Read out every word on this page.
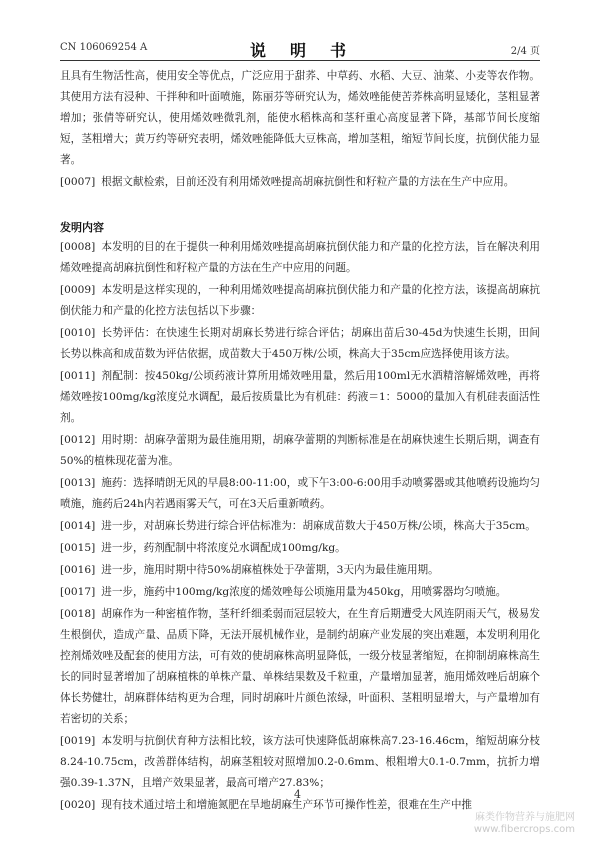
CN 106069254 A	说　明　书	2/4 页

且具有生物活性高，使用安全等优点，广泛应用于甜荞、中草药、水稻、大豆、油菜、小麦等农作物。其使用方法有浸种、干拌种和叶面喷施，陈丽芬等研究认为，烯效唑能使苦荞株高明显矮化，茎粗显著增加；张倩等研究认，使用烯效唑微乳剂，能使水稻株高和茎秆重心高度显著下降，基部节间长度缩短，茎粗增大；黄万约等研究表明，烯效唑能降低大豆株高，增加茎粗，缩短节间长度，抗倒伏能力显著。

[0007] 根据文献检索，目前还没有利用烯效唑提高胡麻抗倒性和籽粒产量的方法在生产中应用。

发明内容

[0008] 本发明的目的在于提供一种利用烯效唑提高胡麻抗倒伏能力和产量的化控方法，旨在解决利用烯效唑提高胡麻抗倒性和籽粒产量的方法在生产中应用的问题。

[0009] 本发明是这样实现的，一种利用烯效唑提高胡麻抗倒伏能力和产量的化控方法，该提高胡麻抗倒伏能力和产量的化控方法包括以下步骤：

[0010] 长势评估：在快速生长期对胡麻长势进行综合评估；胡麻出苗后30-45d为快速生长期，田间长势以株高和成苗数为评估依据，成苗数大于450万株/公顷，株高大于35cm应选择使用该方法。

[0011] 剂配制：按450kg/公顷药液计算所用烯效唑用量，然后用100ml无水酒精溶解烯效唑，再将烯效唑按100mg/kg浓度兑水调配，最后按质量比为有机硅：药液＝1：5000的量加入有机硅表面活性剂。

[0012] 用时期：胡麻孕蕾期为最佳施用期，胡麻孕蕾期的判断标准是在胡麻快速生长期后期，调查有50%的植株现花蕾为准。

[0013] 施药：选择晴朗无风的早晨8:00-11:00，或下午3:00-6:00用手动喷雾器或其他喷药设施均匀喷施，施药后24h内若遇雨雾天气，可在3天后重新喷药。

[0014] 进一步，对胡麻长势进行综合评估标准为：胡麻成苗数大于450万株/公顷，株高大于35cm。

[0015] 进一步，药剂配制中将浓度兑水调配成100mg/kg。

[0016] 进一步，施用时期中待50%胡麻植株处于孕蕾期，3天内为最佳施用期。

[0017] 进一步，施药中100mg/kg浓度的烯效唑每公顷施用量为450kg，用喷雾器均匀喷施。

[0018] 胡麻作为一种密植作物，茎秆纤细柔弱而冠层较大，在生育后期遭受大风连阴雨天气，极易发生根倒伏，造成产量、品质下降，无法开展机械作业，是制约胡麻产业发展的突出难题，本发明利用化控剂烯效唑及配套的使用方法，可有效的使胡麻株高明显降低，一级分枝显著缩短，在抑制胡麻株高生长的同时显著增加了胡麻植株的单株产量、单株结果数及千粒重，产量增加显著，施用烯效唑后胡麻个体长势健壮，胡麻群体结构更为合理，同时胡麻叶片颜色浓绿，叶面积、茎粗明显增大，与产量增加有若密切的关系；

[0019] 本发明与抗倒伏育种方法相比较，该方法可快速降低胡麻株高7.23-16.46cm，缩短胡麻分枝8.24-10.75cm，改善群体结构，胡麻茎粗较对照增加0.2-0.6mm、根粗增大0.1-0.7mm，抗折力增强0.39-1.37N，且增产效果显著，最高可增产27.83%；

[0020] 现有技术通过培土和增施氮肥在旱地胡麻生产环节可操作性差，很难在生产中推

4
麻类作物营养与施肥网
www.fibercrops.com
